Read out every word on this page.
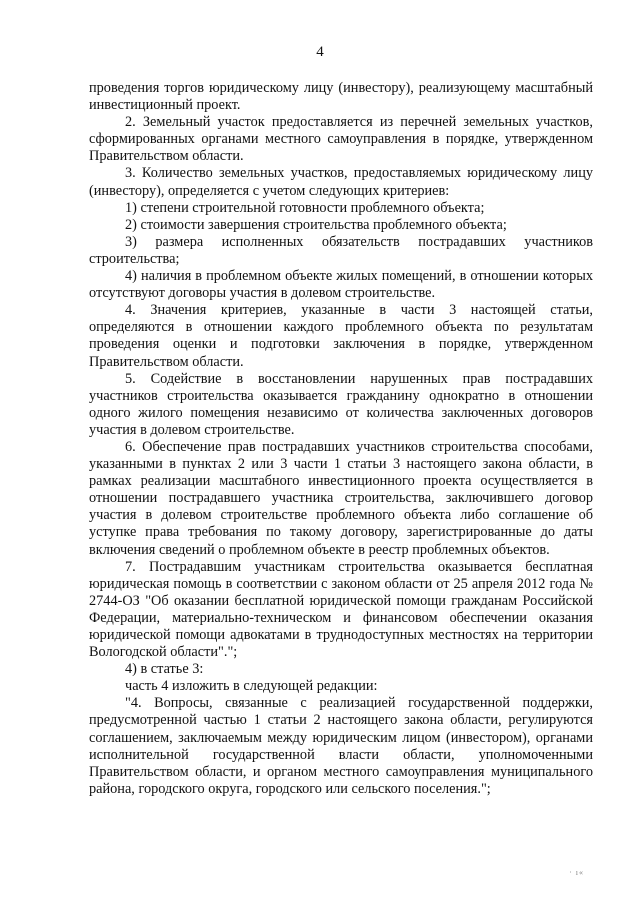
4

проведения торгов юридическому лицу (инвестору), реализующему масштабный инвестиционный проект.

2. Земельный участок предоставляется из перечней земельных участков, сформированных органами местного самоуправления в порядке, утвержденном Правительством области.

3. Количество земельных участков, предоставляемых юридическому лицу (инвестору), определяется с учетом следующих критериев:

1) степени строительной готовности проблемного объекта;

2) стоимости завершения строительства проблемного объекта;

3) размера исполненных обязательств пострадавших участников строительства;

4) наличия в проблемном объекте жилых помещений, в отношении которых отсутствуют договоры участия в долевом строительстве.

4. Значения критериев, указанные в части 3 настоящей статьи, определяются в отношении каждого проблемного объекта по результатам проведения оценки и подготовки заключения в порядке, утвержденном Правительством области.

5. Содействие в восстановлении нарушенных прав пострадавших участников строительства оказывается гражданину однократно в отношении одного жилого помещения независимо от количества заключенных договоров участия в долевом строительстве.

6. Обеспечение прав пострадавших участников строительства способами, указанными в пунктах 2 или 3 части 1 статьи 3 настоящего закона области, в рамках реализации масштабного инвестиционного проекта осуществляется в отношении пострадавшего участника строительства, заключившего договор участия в долевом строительстве проблемного объекта либо соглашение об уступке права требования по такому договору, зарегистрированные до даты включения сведений о проблемном объекте в реестр проблемных объектов.

7. Пострадавшим участникам строительства оказывается бесплатная юридическая помощь в соответствии с законом области от 25 апреля 2012 года № 2744-ОЗ "Об оказании бесплатной юридической помощи гражданам Российской Федерации, материально-техническом и финансовом обеспечении оказания юридической помощи адвокатами в труднодоступных местностях на территории Вологодской области".";

4) в статье 3:

часть 4 изложить в следующей редакции:

"4. Вопросы, связанные с реализацией государственной поддержки, предусмотренной частью 1 статьи 2 настоящего закона области, регулируются соглашением, заключаемым между юридическим лицом (инвестором), органами исполнительной государственной власти области, уполномоченными Правительством области, и органом местного самоуправления муниципального района, городского округа, городского или сельского поселения.";

· ı«
